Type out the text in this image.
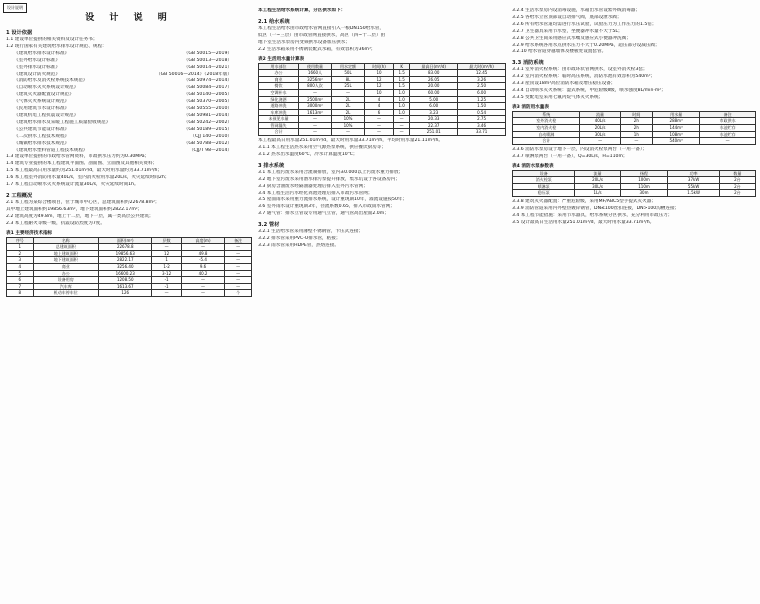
设计说明
设 计 说 明
1 设计依据
1.1 建设单位提供的相关资料及设计任务书；
1.2 现行国家有关建筑给水排水设计规范、规程：
《建筑给水排水设计标准》	（GB 50015—2019）
《室外给水设计标准》	（GB 50013—2018）
《室外排水设计标准》	（GB 50014—2021）
《建筑设计防火规范》	（GB 50016—2014）（2018年版）
《消防给水及消火栓系统技术规范》	（GB 50974—2014）
《自动喷水灭火系统设计规范》	（GB 50084—2017）
《建筑灭火器配置设计规范》	（GB 50140—2005）
《气体灭火系统设计规范》	（GB 50370—2005）
《民用建筑节水设计标准》	（GB 50555—2010）
《建筑机电工程抗震设计规范》	（GB 50981—2014）
《建筑给水排水及采暖工程施工质量验收规范》	（GB 50242—2002）
《公共建筑节能设计标准》	（GB 50189—2015）
《二次供水工程技术规程》	（CJJ 140—2010）
《城镇给水排水技术规范》	（GB 50788—2012）
《建筑给水塑料管道工程技术规程》	（CJJ/T 98—2014）
1.3 建设单位提供的市政给水管网资料，市政供水压力约为0.30MPa；
1.4 建筑专业提供的本工程建筑平面图、剖面图、立面图及其他相关资料；
1.5 本工程最高日用水量约为251.01m³/d，最大时用水量约为33.71m³/h；
1.6 本工程室外消防用水量40L/s，室内消火栓用水量20L/s，火灾延续时间2h；
1.7 本工程自动喷水灭火系统设计流量30L/s，火灾延续时间1h。
2 工程概况
2.1 本工程为某综合楼项目，位于城市中心区，总建筑面积约22678.8m²；
其中地上建筑面积约19856.63m²，地下建筑面积约2822.17m²；
2.2 建筑高度为49.8m，地上十二层，地下一层，属一类高层公共建筑；
2.3 本工程耐火等级一级，抗震设防烈度为7度。
表1 主要经济技术指标
序号	名称	面积(m²)	层数	高度(m)	备注
1	总建筑面积	22678.8	—	—	—
2	地上建筑面积	19856.63	12	49.8	—
3	地下建筑面积	2822.17	1	-5.4	—
4	商业	3256.40	1-2	9.6	—
5	办公	16600.23	3-12	40.2	—
6	设备用房	1208.50	-1	—	—
7	汽车库	1613.67	-1	—	—
8	机动车停车位	126	—	—	个
本工程生活给水系统计算，分区供水如下：
2.1 给水系统
本工程生活给水由市政给水管网直接引入一根DN150给水管，
低区（一~三层）由市政管网直接供水，高区（四~十二层）由
地下室生活水泵房内变频供水设备加压供水；
2.2 生活水箱采用不锈钢装配式水箱，有效容积为36m³；
表2 生活用水量计算表
用水部位	使用数量	用水定额	时间(h)	K	最高日(m³/d)	最大时(m³/h)
办公	1660人	50L	10	1.5	83.00	12.45
商业	3256m²	8L	12	1.5	26.05	3.26
餐饮	800人次	25L	12	1.5	20.00	2.50
空调补水	—	—	10	1.0	60.00	6.00
绿化浇洒	2500m²	2L	4	1.0	5.00	1.25
道路冲洗	3000m²	2L	4	1.0	6.00	1.50
车库冲洗	1613m²	2L	6	1.0	3.23	0.54
未预见水量	—	10%	—	—	20.33	2.75
管网漏失	—	10%	—	—	22.37	3.46
合计	—	—	—	—	251.01	33.71
本工程最高日用水量251.01m³/d，最大时用水量33.71m³/h，平均时用水量21.11m³/h。
3.1.1 本工程生活热水采用空气源热泵系统，供应餐饮厨房等；
3.1.2 热水出水温度60℃，冷水计算温度10℃；
3 排水系统
3.1 本工程污废水采用合流制排放，室内±0.000以上污废水重力排放；
3.2 地下室污废水采用潜水排污泵提升排放，集水坑设于各设备房内；
3.3 厨房含油废水经隔油器处理后排入室外污水管网；
3.4 本工程生活污水经化粪池处理后排入市政污水管网；
3.5 屋面雨水采用重力流排水系统，设计重现期10年，溢流设施按50年；
3.6 室外雨水设计重现期3年，径流系数0.65，排入市政雨水管网；
3.7 通气管：排水立管设专用通气立管，通气管高出屋面2.0m；
3.2 管材
3.2.1 生活给水管采用薄壁不锈钢管，卡压式连接；
3.2.2 排水管采用PVC-U排水管，粘接；
3.2.3 雨水管采用HDPE管，热熔连接。
3.2.4 生活水泵房内设消毒设施，水箱出水管设紫外线消毒器；
3.2.5 各给水立管顶部设自动排气阀，底部设泄水阀；
3.2.6 所有给水管道均需进行水压试验，试验压力为工作压力的1.5倍；
3.2.7 卫生器具采用节水型，坐便器冲水量不大于5L；
3.2.8 公共卫生间采用感应式水嘴及感应式小便器冲洗阀；
3.2.9 给水系统各用水点供水压力不大于0.20MPa，超压部分设减压阀；
3.2.10 给水管道穿越墙体及楼板处设置套管。
3.3 消防系统
3.3.1 室外消火栓系统：由市政环状管网供水，设室外消火栓3套；
3.3.2 室内消火栓系统：临时高压系统，消防水池有效容积为540m³；
3.3.3 屋顶设18m³高位消防水箱及增压稳压设备；
3.3.4 自动喷水灭火系统：湿式系统，中危险级Ⅱ级，喷水强度8L/min·m²；
3.3.5 变配电室采用七氟丙烷气体灭火系统；
表3 消防用水量表
系统	流量	时间	用水量	备注
室外消火栓	40L/s	2h	288m³	市政供水
室内消火栓	20L/s	2h	144m³	水池贮存
自动喷淋	30L/s	1h	108m³	水池贮存
合计	—	—	540m³	—
3.3.6 消防水泵房设于地下一层，内设消火栓泵两台（一用一备）；
3.3.7 喷淋泵两台（一用一备），Q=30L/s，H=110m；
表4 消防水泵参数表
设备	流量	扬程	功率	数量
消火栓泵	20L/s	100m	37kW	2台
喷淋泵	30L/s	110m	55kW	2台
稳压泵	1L/s	30m	1.5kW	2台
3.3.8 建筑灭火器配置：严重危险级，采用MF/ABC5型手提式灭火器；
3.3.9 消防管道采用内外壁热镀锌钢管，DN≤100丝扣连接，DN>100沟槽连接；
3.4 本工程节能措施：采用节水器具，给水系统分区供水，充分利用市政压力；
3.5 设计最高日生活用水量251.01m³/d，最大时用水量33.71m³/h。
